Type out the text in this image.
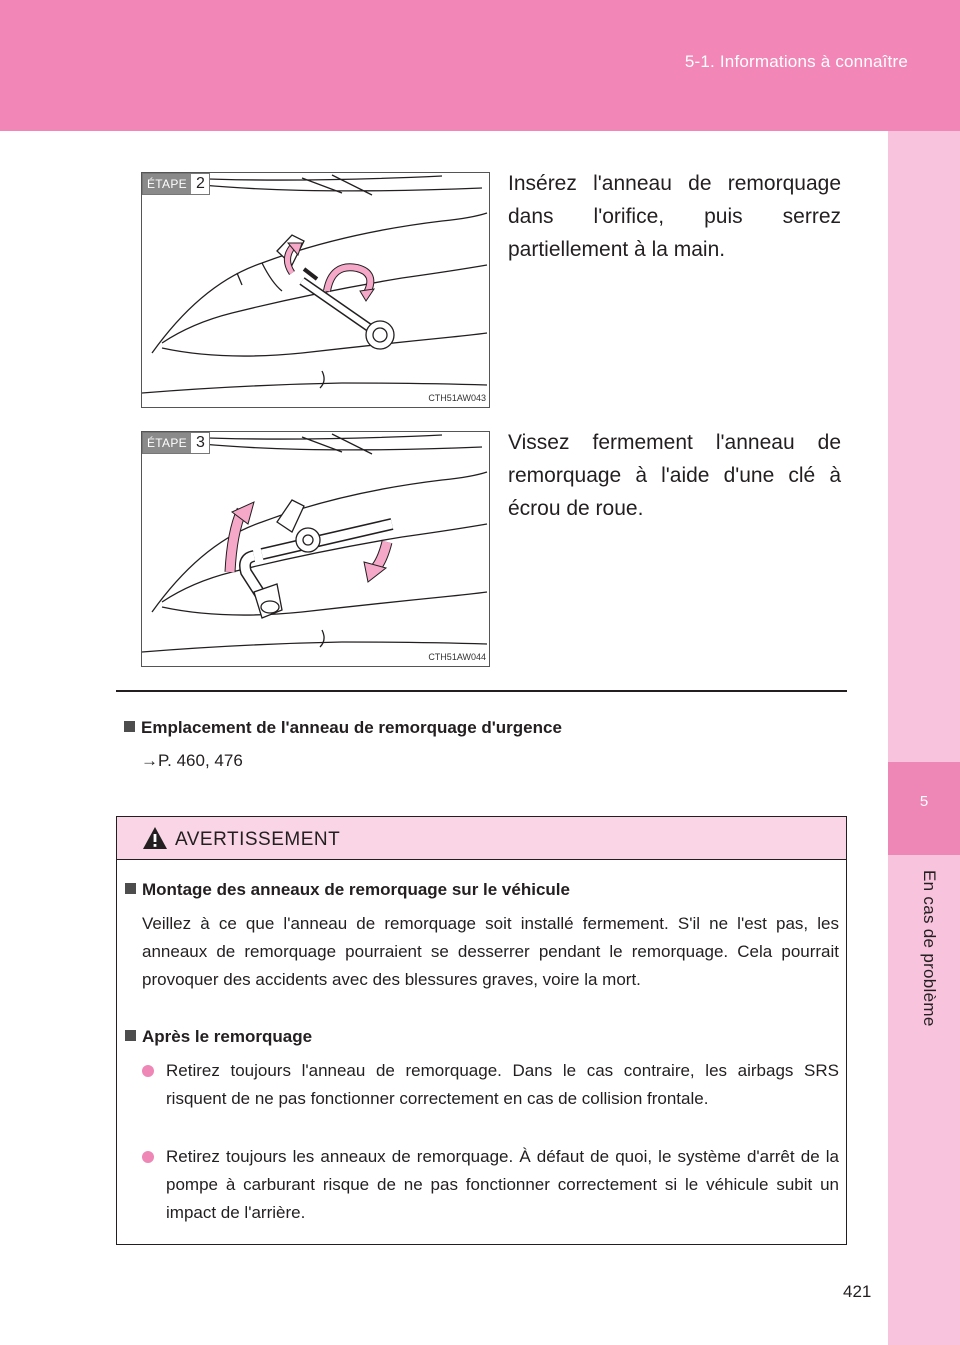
5-1. Informations à connaître
5
En cas de problème
ÉTAPE 2
CTH51AW043
Insérez l'anneau de remorquage dans l'orifice, puis serrez partiellement à la main.
ÉTAPE 3
CTH51AW044
Vissez fermement l'anneau de remorquage à l'aide d'une clé à écrou de roue.
Emplacement de l'anneau de remorquage d'urgence
→P. 460, 476
AVERTISSEMENT
Montage des anneaux de remorquage sur le véhicule
Veillez à ce que l'anneau de remorquage soit installé fermement. S'il ne l'est pas, les anneaux de remorquage pourraient se desserrer pendant le remorquage. Cela pourrait provoquer des accidents avec des blessures graves, voire la mort.
Après le remorquage
Retirez toujours l'anneau de remorquage. Dans le cas contraire, les airbags SRS risquent de ne pas fonctionner correctement en cas de collision frontale.
Retirez toujours les anneaux de remorquage. À défaut de quoi, le système d'arrêt de la pompe à carburant risque de ne pas fonctionner correctement si le véhicule subit un impact de l'arrière.
421
